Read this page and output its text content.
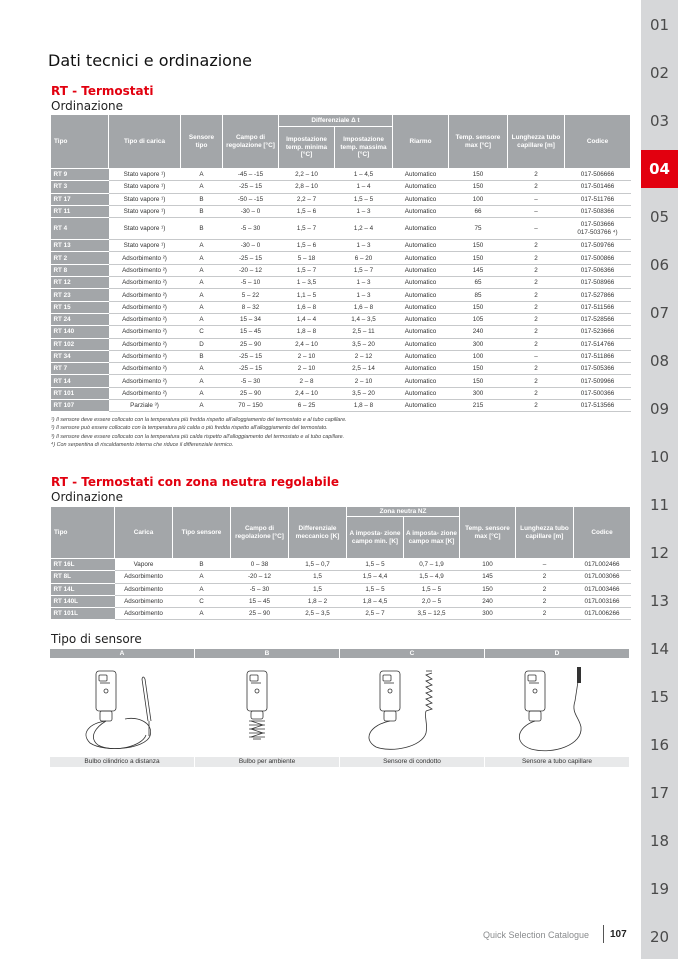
01
02
03
04
05
06
07
08
09
10
11
12
13
14
15
16
17
18
19
20
Dati tecnici e ordinazione
RT - Termostati
Ordinazione
Tipo	Tipo di carica	Sensore tipo	Campo di regolazione [°C]	Differenziale Δ t		Riarmo	Temp. sensore max [°C]	Lunghezza tubo capillare [m]	Codice
				Impostazione temp. minima [°C]	Impostazione temp. massima [°C]				
RT 9	Stato vapore ¹)	A	-45 – -15	2,2 – 10	1 – 4,5	Automatico	150	2	017-506666
RT 3	Stato vapore ¹)	A	-25 – 15	2,8 – 10	1 – 4	Automatico	150	2	017-501466
RT 17	Stato vapore ¹)	B	-50 – -15	2,2 – 7	1,5 – 5	Automatico	100	–	017-511766
RT 11	Stato vapore ¹)	B	-30 – 0	1,5 – 6	1 – 3	Automatico	66	–	017-508366
RT 4	Stato vapore ¹)	B	-5 – 30	1,5 – 7	1,2 – 4	Automatico	75	–	017-503666
017-503766 ⁴)

RT 13	Stato vapore ¹)	A	-30 – 0	1,5 – 6	1 – 3	Automatico	150	2	017-509766
RT 2	Adsorbimento ²)	A	-25 – 15	5 – 18	6 – 20	Automatico	150	2	017-500866
RT 8	Adsorbimento ²)	A	-20 – 12	1,5 – 7	1,5 – 7	Automatico	145	2	017-506366
RT 12	Adsorbimento ²)	A	-5 – 10	1 – 3,5	1 – 3	Automatico	65	2	017-508966
RT 23	Adsorbimento ²)	A	5 – 22	1,1 – 5	1 – 3	Automatico	85	2	017-527866
RT 15	Adsorbimento ²)	A	8 – 32	1,6 – 8	1,6 – 8	Automatico	150	2	017-511566
RT 24	Adsorbimento ²)	A	15 – 34	1,4 – 4	1,4 – 3,5	Automatico	105	2	017-528566
RT 140	Adsorbimento ²)	C	15 – 45	1,8 – 8	2,5 – 11	Automatico	240	2	017-523666
RT 102	Adsorbimento ²)	D	25 – 90	2,4 – 10	3,5 – 20	Automatico	300	2	017-514766
RT 34	Adsorbimento ²)	B	-25 – 15	2 – 10	2 – 12	Automatico	100	–	017-511866
RT 7	Adsorbimento ²)	A	-25 – 15	2 – 10	2,5 – 14	Automatico	150	2	017-505366
RT 14	Adsorbimento ²)	A	-5 – 30	2 – 8	2 – 10	Automatico	150	2	017-509966
RT 101	Adsorbimento ²)	A	25 – 90	2,4 – 10	3,5 – 20	Automatico	300	2	017-500366
RT 107	Parziale ³)	A	70 – 150	6 – 25	1,8 – 8	Automatico	215	2	017-513566
¹) Il sensore deve essere collocato con la temperatura più fredda rispetto all'alloggiamento del termostato e al tubo capillare.
²) Il sensore può essere collocato con la temperatura più calda o più fredda rispetto all'alloggiamento del termostato.
³) Il sensore deve essere collocato con la temperatura più calda rispetto all'alloggiamento del termostato e al tubo capillare.
⁴) Con serpentina di riscaldamento interna che riduce il differenziale termico.
RT - Termostati con zona neutra regolabile
Ordinazione
Tipo	Carica	Tipo sensore	Campo di regolazione [°C]	Differenziale meccanico [K]	Zona neutra NZ		Temp. sensore max [°C]	Lunghezza tubo capillare [m]	Codice
					A imposta- zione campo min. [K]	A imposta- zione campo max [K]			
RT 16L	Vapore	B	0 – 38	1,5 – 0,7	1,5 – 5	0,7 – 1,9	100	–	017L002466
RT 8L	Adsorbimento	A	-20 – 12	1,5	1,5 – 4,4	1,5 – 4,9	145	2	017L003066
RT 14L	Adsorbimento	A	-5 – 30	1,5	1,5 – 5	1,5 – 5	150	2	017L003466
RT 140L	Adsorbimento	C	15 – 45	1,8 – 2	1,8 – 4,5	2,0 – 5	240	2	017L003166
RT 101L	Adsorbimento	A	25 – 90	2,5 – 3,5	2,5 – 7	3,5 – 12,5	300	2	017L006266
Tipo di sensore
A	B	C	D
Bulbo cilindrico a distanza	Bulbo per ambiente	Sensore di condotto	Sensore a tubo capillare
Quick Selection Catalogue 107
